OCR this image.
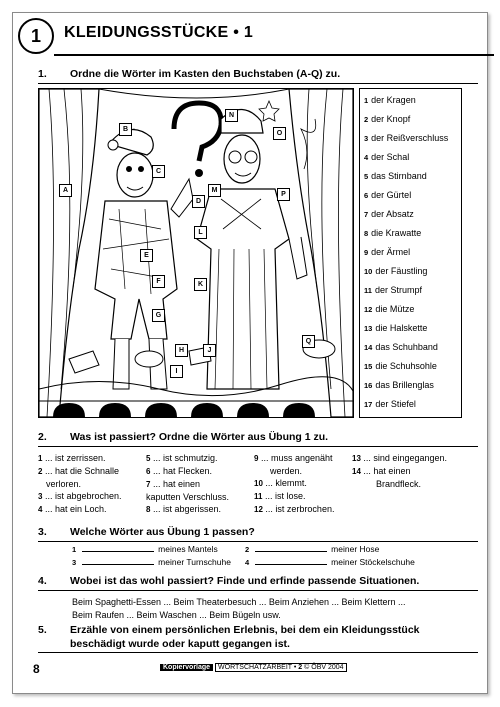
1 KLEIDUNGSSTÜCKE • 1
1. Ordne die Wörter im Kasten den Buchstaben (A-Q) zu.
A
B
C
D
E
F
G
H
I
J
K
L
M
N
O
P
Q
1 der Kragen
2 der Knopf
3 der Reißverschluss
4 der Schal
5 das Stirnband
6 der Gürtel
7 der Absatz
8 die Krawatte
9 der Ärmel
10 der Fäustling
11 der Strumpf
12 die Mütze
13 die Halskette
14 das Schuhband
15 die Schuhsohle
16 das Brillenglas
17 der Stiefel
2. Was ist passiert? Ordne die Wörter aus Übung 1 zu.
1 ... ist zerrissen.
2 ... hat die Schnalle
verloren.
3 ... ist abgebrochen.
4 ... hat ein Loch.
5 ... ist schmutzig.
6 ... hat Flecken.
7 ... hat einen
kaputten Verschluss.
8 ... ist abgerissen.
9 ... muss angenäht
werden.
10 ... klemmt.
11 ... ist lose.
12 ... ist zerbrochen.
13 ... sind eingegangen.
14 ... hat einen
Brandfleck.
3. Welche Wörter aus Übung 1 passen?
1	meines Mantels	2	meiner Hose
3	meiner Turnschuhe 4	meiner Stöckelschuhe
4. Wobei ist das wohl passiert? Finde und erfinde passende Situationen.
Beim Spaghetti-Essen ... Beim Theaterbesuch ... Beim Anziehen ... Beim Klettern ...
Beim Raufen ... Beim Waschen ... Beim Bügeln usw.
5. Erzähle von einem persönlichen Erlebnis, bei dem ein Kleidungsstück
beschädigt wurde oder kaputt gegangen ist.
8	Kopiervorlage WORTSCHATZARBEIT • 2 © ÖBV 2004
